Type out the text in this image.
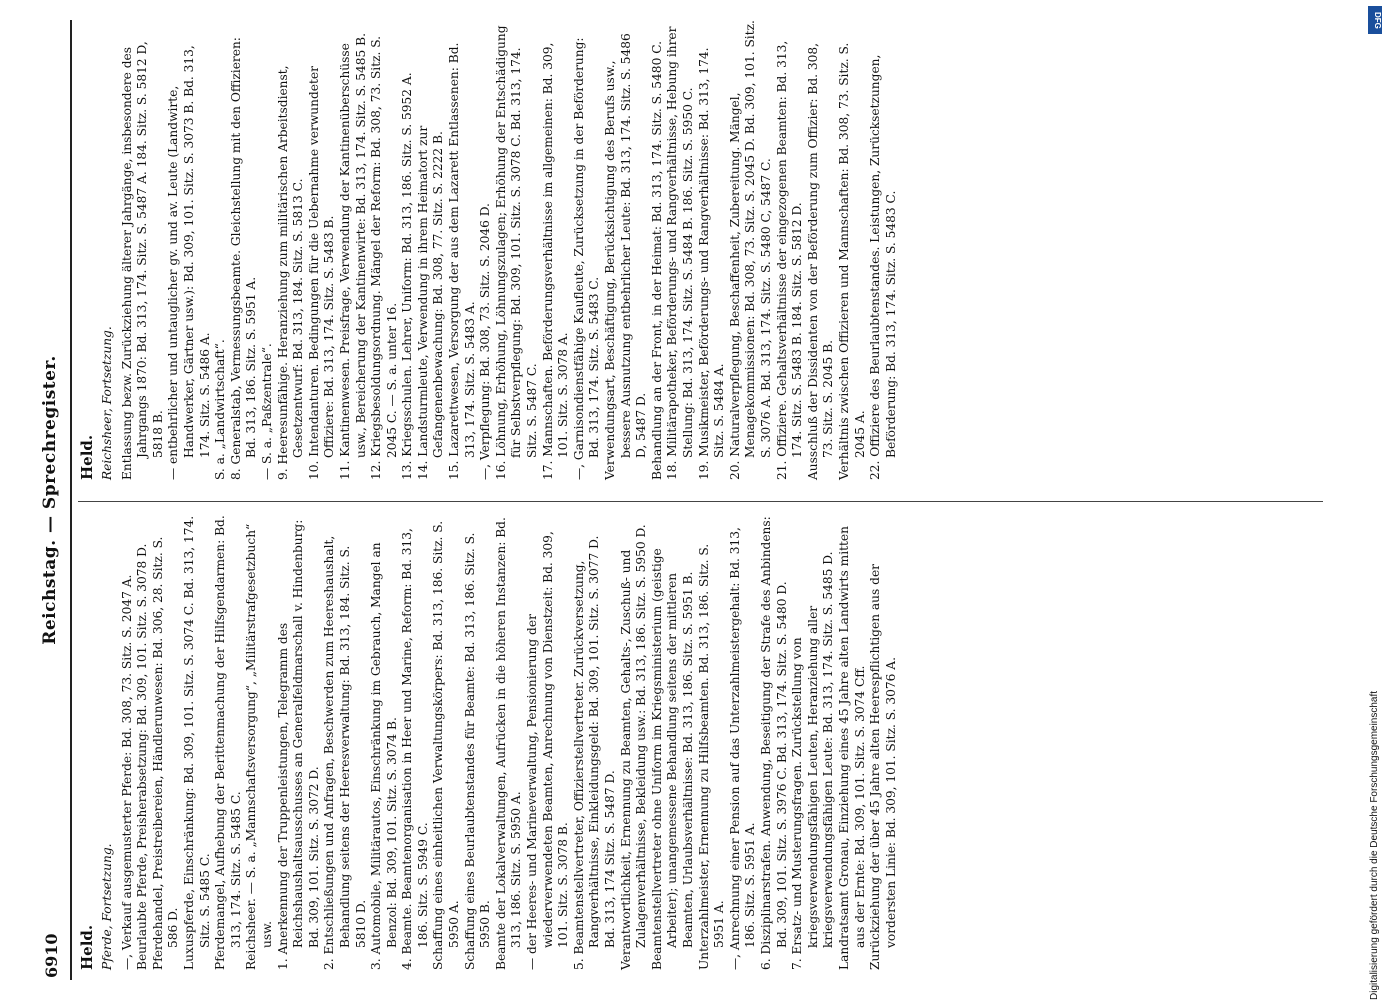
6910
Reichstag. — Sprechregister.
Held.
Held.

Pferde, Fortsetzung. —, Verkauf ausgemusterter Pferde: Bd. 308, 73. Sitz. S. 2047 A. Beurlaubte Pferde, Preisherabsetzung: Bd. 309, 101. Sitz. S. 3078 D. Pferdehandel, Preistreibereien, Händlerunwesen: Bd. 306, 28. Sitz. S. 586 D. Luxuspferde, Einschränkung: Bd. 309, 101. Sitz. S. 3074 C. Bd. 313, 174. Sitz. S. 5485 C. Pferdemangel, Aufhebung der Berittenmachung der Hilfsgendarmen: Bd. 313, 174. Sitz. S. 5485 C. Reichsheer. — S. a. „Mannschaftsversorgung“, „Militärstrafgesetzbuch“ usw. 1. Anerkennung der Truppenleistungen, Telegramm des Reichshaushaltsausschusses an Generalfeldmarschall v. Hindenburg: Bd. 309, 101. Sitz. S. 3072 D. 2. Entschließungen und Anfragen, Beschwerden zum Heereshaushalt, Behandlung seitens der Heeresverwaltung: Bd. 313, 184. Sitz. S. 5810 D. 3. Automobile, Militärautos, Einschränkung im Gebrauch, Mangel an Benzol: Bd. 309, 101. Sitz. S. 3074 B. 4. Beamte. Beamtenorganisation in Heer und Marine, Reform: Bd. 313, 186. Sitz. S. 5949 C. Schaffung eines einheitlichen Verwaltungskörpers: Bd. 313, 186. Sitz. S. 5950 A. Schaffung eines Beurlaubtenstandes für Beamte: Bd. 313, 186. Sitz. S. 5950 B. Beamte der Lokalverwaltungen, Aufrücken in die höheren Instanzen: Bd. 313, 186. Sitz. S. 5950 A. — der Heeres- und Marineverwaltung, Pensionierung der wiederverwendeten Beamten, Anrechnung von Dienstzeit: Bd. 309, 101. Sitz. S. 3078 B. 5. Beamtenstellvertreter, Offizierstellvertreter. Zurückversetzung, Rangverhältnisse, Einkleidungsgeld: Bd. 309, 101. Sitz. S. 3077 D. Bd. 313, 174 Sitz. S. 5487 D. Verantwortlichkeit, Ernennung zu Beamten, Gehalts-, Zuschuß- und Zulagenverhältnisse, Bekleidung usw.: Bd. 313, 186. Sitz. S. 5950 D. Beamtenstellvertreter ohne Uniform im Kriegsministerium (geistige Arbeiter); unangemessene Behandlung seitens der mittleren Beamten, Urlaubsverhältnisse: Bd. 313, 186. Sitz. S. 5951 B. Unterzahlmeister, Ernennung zu Hilfsbeamten. Bd. 313, 186. Sitz. S. 5951 A. —, Anrechnung einer Pension auf das Unterzahlmeistergehalt: Bd. 313, 186. Sitz. S. 5951 A. 6. Disziplinarstrafen. Anwendung, Beseitigung der Strafe des Anbindens: Bd. 309, 101. Sitz. S. 3976 C. Bd. 313, 174. Sitz. S. 5480 D. 7. Ersatz- und Musterungsfragen. Zurückstellung von kriegsverwendungsfähigen Leuten, Heranziehung aller kriegsverwendungsfähigen Leute: Bd. 313, 174. Sitz. S. 5485 D. Landratsamt Gronau, Einziehung eines 45 Jahre alten Landwirts mitten aus der Ernte: Bd. 309, 101. Sitz. S. 3074 Cff. Zurückziehung der über 45 Jahre alten Heerespflichtigen aus der vordersten Linie: Bd. 309, 101. Sitz. S. 3076 A.

Reichsheer, Fortsetzung. Entlassung bezw. Zurückziehung älterer Jahrgänge, insbesondere des Jahrgangs 1870: Bd. 313, 174. Sitz. S. 5487 A. 184. Sitz. S. 5812 D, 5818 B. — entbehrlicher und untauglicher gv. und av. Leute (Landwirte, Handwerker, Gärtner usw.): Bd. 309, 101. Sitz. S. 3073 B. Bd. 313, 174. Sitz. S. 5486 A. S. a. „Landwirtschaft“. 8. Generalstab, Vermessungsbeamte. Gleichstellung mit den Offizieren: Bd. 313, 186. Sitz. S. 5951 A. — S. a. „Paßzentrale“. 9. Heeresunfähige. Heranziehung zum militärischen Arbeitsdienst, Gesetzentwurf: Bd. 313, 184. Sitz. S. 5813 C. 10. Intendanturen. Bedingungen für die Uebernahme verwundeter Offiziere: Bd. 313, 174. Sitz. S. 5483 B. 11. Kantinenwesen. Preisfrage, Verwendung der Kantinenüberschüsse usw., Bereicherung der Kantinenwirte: Bd. 313, 174. Sitz. S. 5485 B. 12. Kriegsbesoldungsordnung. Mängel der Reform: Bd. 308, 73. Sitz. S. 2045 C. — S. a. unter 16. 13. Kriegsschulen. Lehrer, Uniform: Bd. 313, 186. Sitz. S. 5952 A. 14. Landsturmleute, Verwendung in ihrem Heimatort zur Gefangenenbewachung: Bd. 308, 77. Sitz. S. 2222 B. 15. Lazarettwesen, Versorgung der aus dem Lazarett Entlassenen: Bd. 313, 174. Sitz. S. 5483 A. —, Verpflegung: Bd. 308, 73. Sitz. S. 2046 D. 16. Löhnung, Erhöhung, Löhnungszulagen; Erhöhung der Entschädigung für Selbstverpflegung: Bd. 309, 101. Sitz. S. 3078 C. Bd. 313, 174. Sitz. S. 5487 C. 17. Mannschaften. Beförderungsverhältnisse im allgemeinen: Bd. 309, 101. Sitz. S. 3078 A. —, Garnisondienstfähige Kaufleute, Zurücksetzung in der Beförderung: Bd. 313, 174. Sitz. S. 5483 C. Verwendungsart, Beschäftigung, Berücksichtigung des Berufs usw., bessere Ausnutzung entbehrlicher Leute: Bd. 313, 174. Sitz. S. 5486 D, 5487 D. Behandlung an der Front, in der Heimat: Bd. 313, 174. Sitz. S. 5480 C. 18. Militärapotheker, Beförderungs- und Rangverhältnisse, Hebung ihrer Stellung: Bd. 313, 174. Sitz. S. 5484 B. 186. Sitz. S. 5950 C. 19. Musikmeister, Beförderungs- und Rangverhältnisse: Bd. 313, 174. Sitz. S. 5484 A. 20. Naturalverpflegung, Beschaffenheit, Zubereitung. Mängel, Menagekommissionen: Bd. 308, 73. Sitz. S. 2045 D. Bd. 309, 101. Sitz. S. 3076 A. Bd. 313, 174. Sitz. S. 5480 C, 5487 C. 21. Offiziere. Gehaltsverhältnisse der eingezogenen Beamten: Bd. 313, 174. Sitz. S. 5483 B. 184. Sitz. S. 5812 D. Ausschluß der Dissidenten von der Beförderung zum Offizier: Bd. 308, 73. Sitz. S. 2045 B. Verhältnis zwischen Offizieren und Mannschaften: Bd. 308, 73. Sitz. S. 2045 A. 22. Offiziere des Beurlaubtenstandes. Leistungen, Zurücksetzungen, Beförderung: Bd. 313, 174. Sitz. S. 5483 C.

DFG
Digitalisierung gefördert durch die Deutsche Forschungsgemeinschaft
